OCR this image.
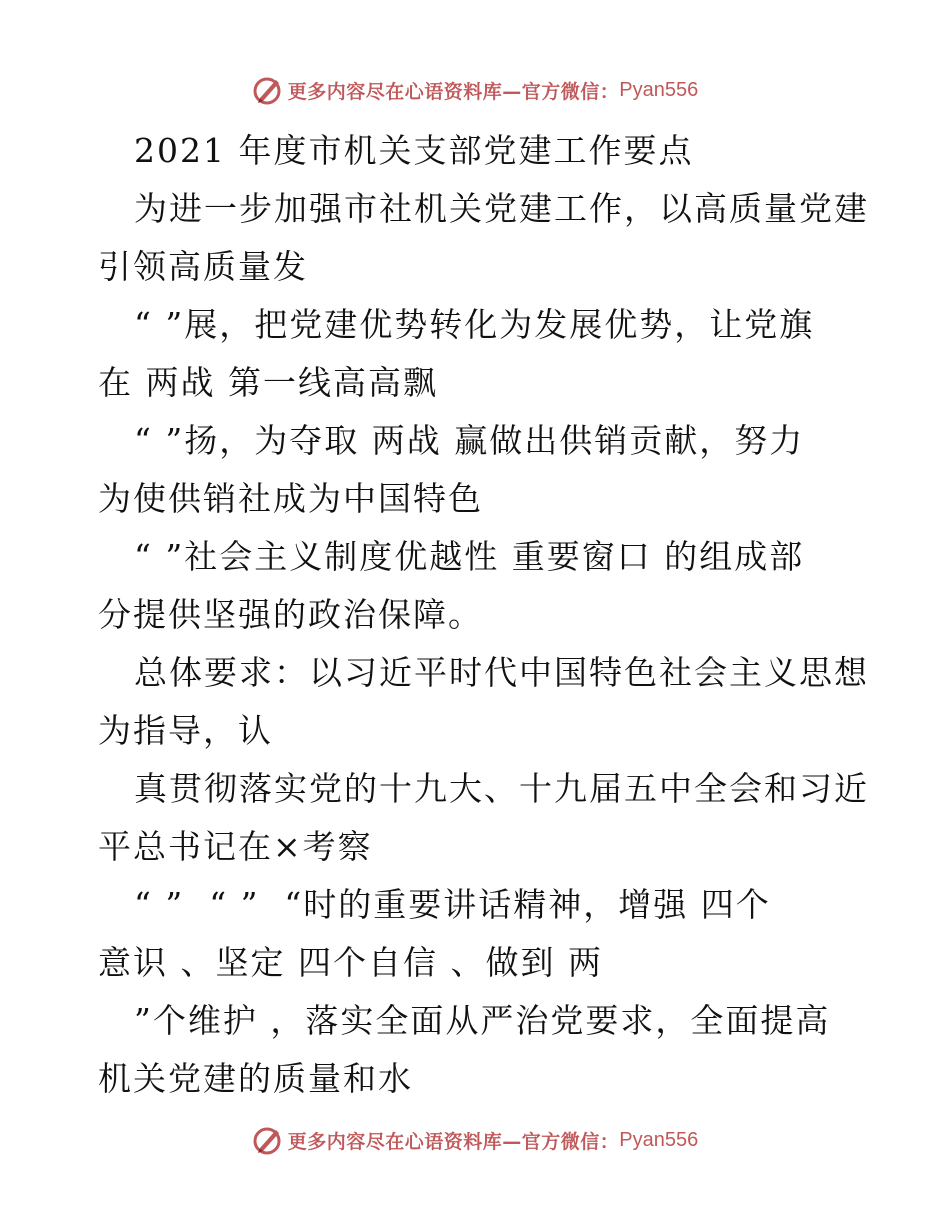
更多内容尽在心语资料库—官方微信： Pyan556
2021 年度市机关支部党建工作要点
为进一步加强市社机关党建工作，以高质量党建
引领高质量发
“ ”展，把党建优势转化为发展优势，让党旗
在 两战 第一线高高飘
“ ”扬，为夺取 两战 赢做出供销贡献，努力
为使供销社成为中国特色
“ ”社会主义制度优越性 重要窗口 的组成部
分提供坚强的政治保障。
总体要求：以习近平时代中国特色社会主义思想
为指导，认
真贯彻落实党的十九大、十九届五中全会和习近
平总书记在×考察
“ ”  “ ”  “时的重要讲话精神，增强 四个
意识 、坚定 四个自信 、做到 两
”个维护 ，落实全面从严治党要求，全面提高
机关党建的质量和水
更多内容尽在心语资料库—官方微信： Pyan556
